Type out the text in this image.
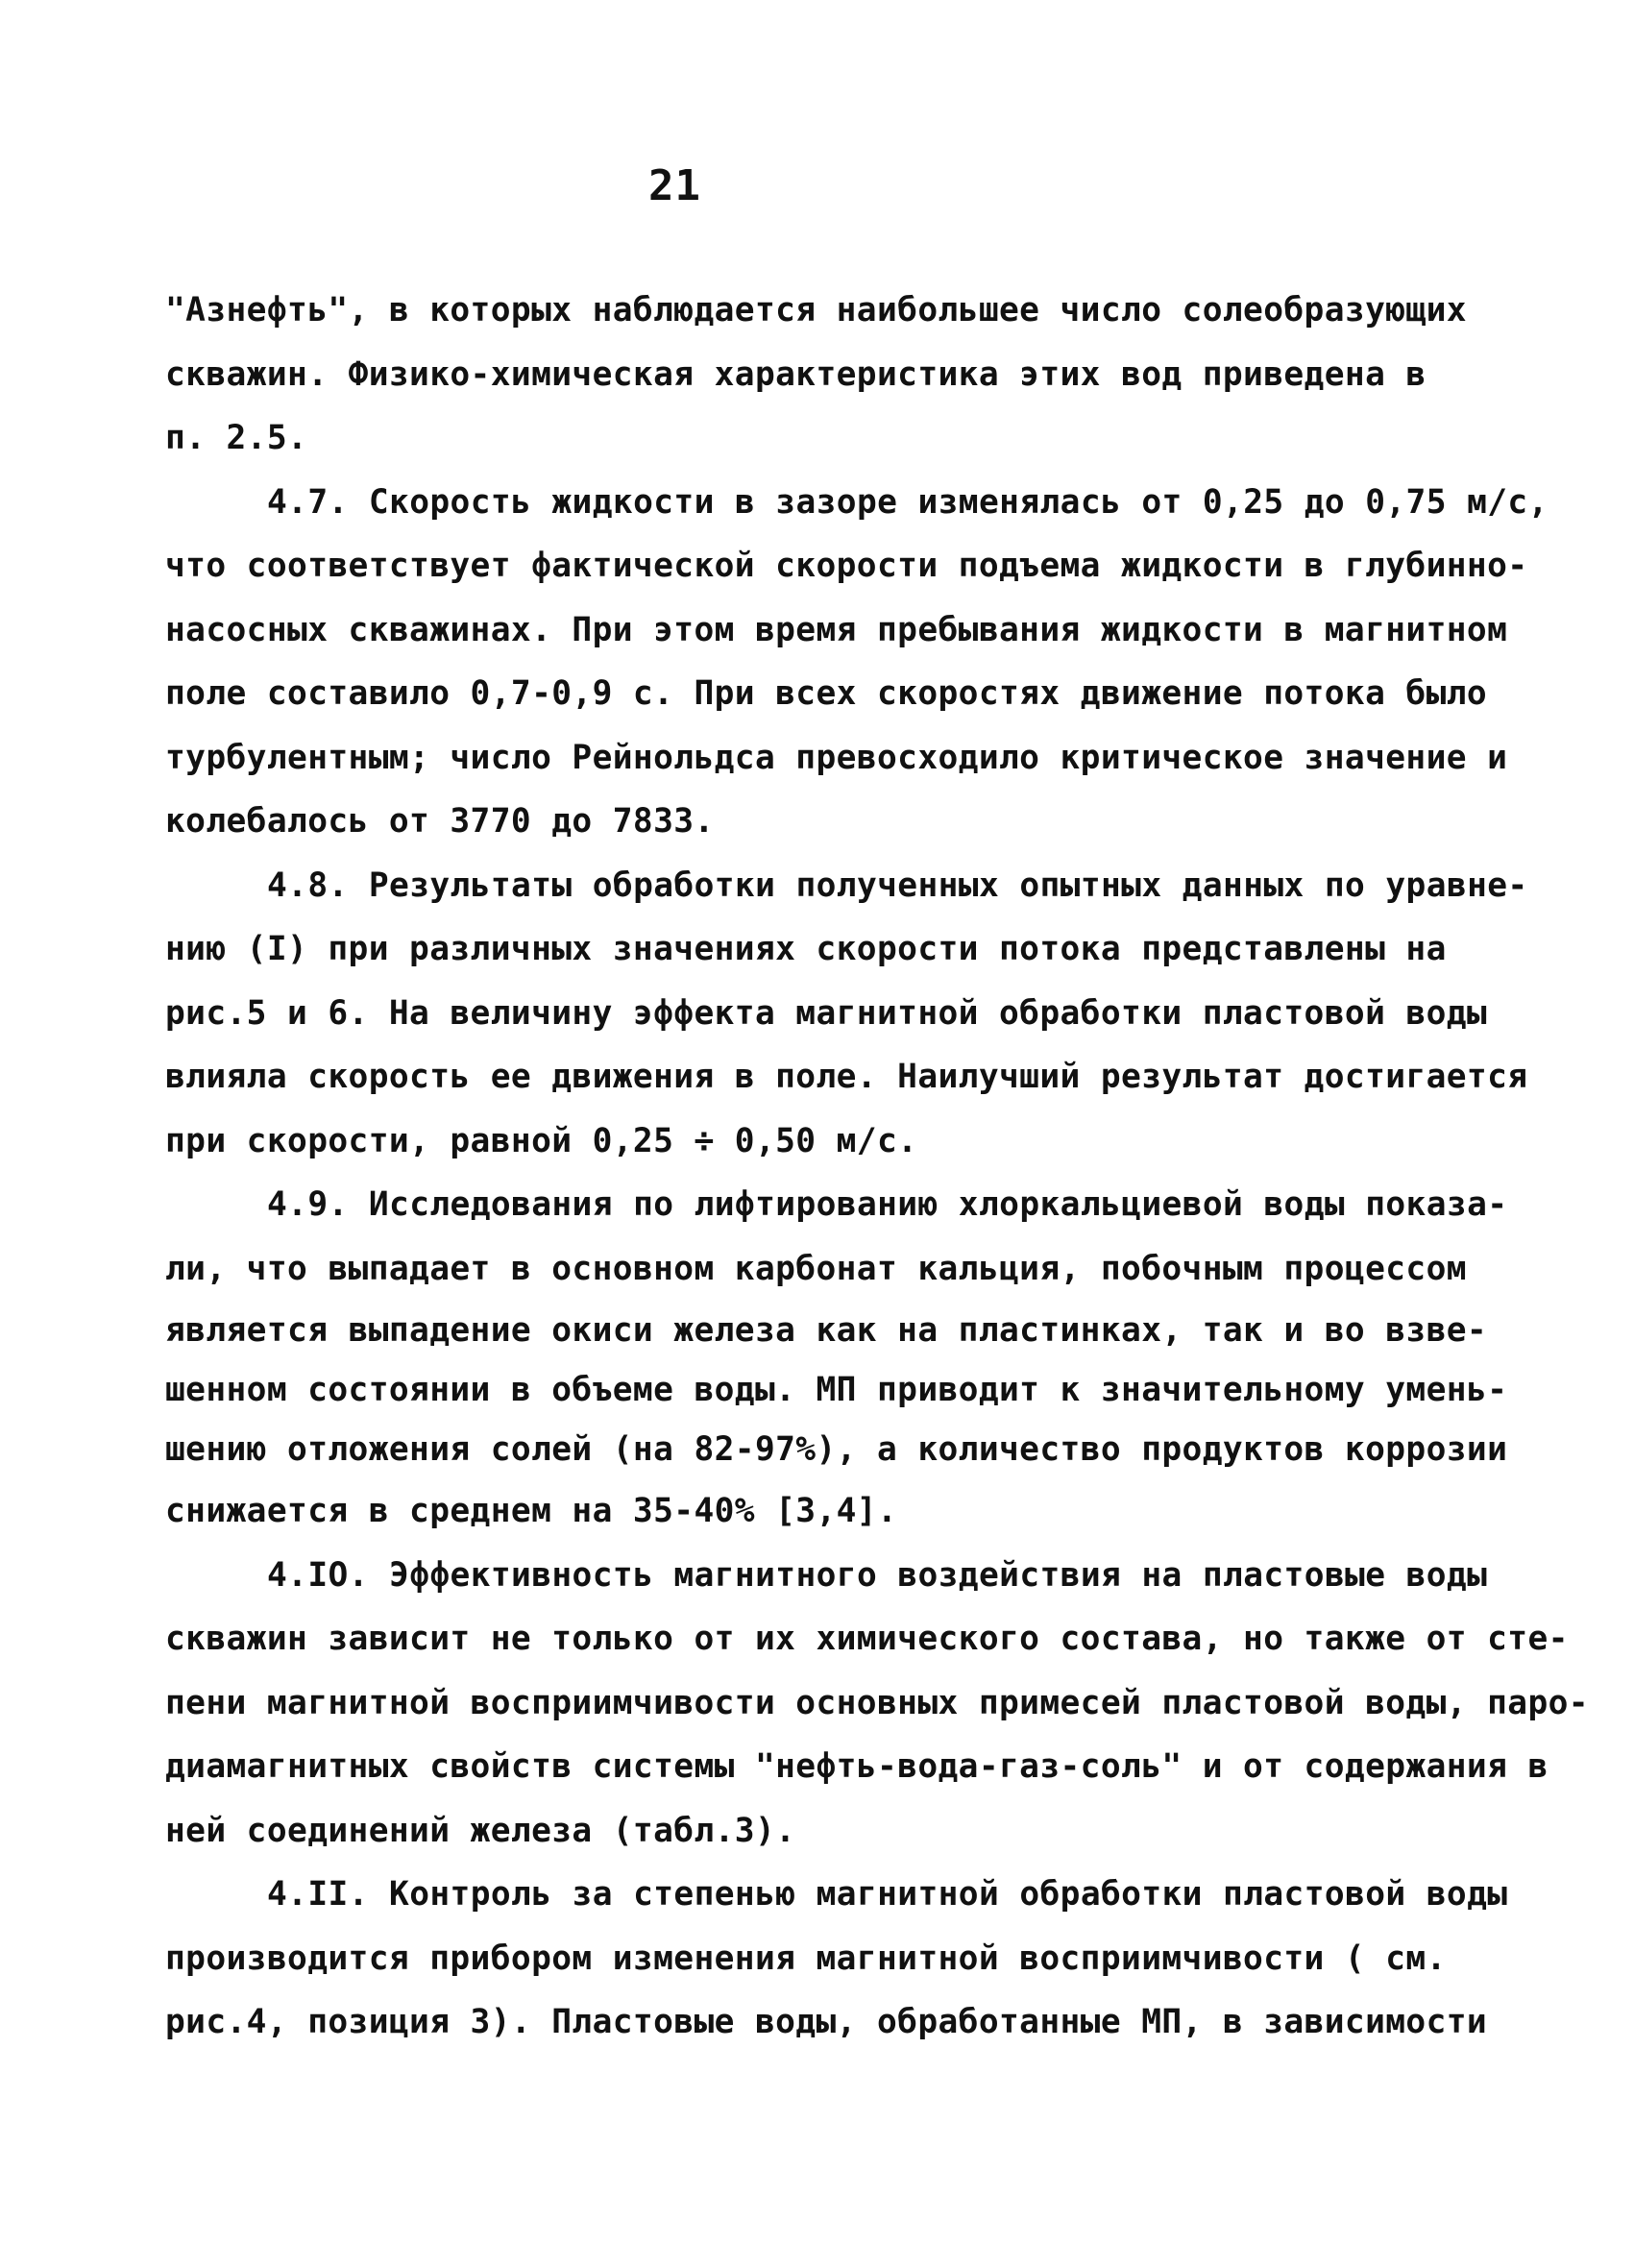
21
"Азнефть", в которых наблюдается наибольшее число солеобразующих
скважин. Физико-химическая характеристика этих вод приведена в
п. 2.5.
4.7. Скорость жидкости в зазоре изменялась от 0,25 до 0,75 м/с,
что соответствует фактической скорости подъема жидкости в глубинно-
насосных скважинах. При этом время пребывания жидкости в магнитном
поле составило 0,7-0,9 с. При всех скоростях движение потока было
турбулентным; число Рейнольдса превосходило критическое значение и
колебалось от 3770 до 7833.
4.8. Результаты обработки полученных опытных данных по уравне-
нию (I) при различных значениях скорости потока представлены на
рис.5 и 6. На величину эффекта магнитной обработки пластовой воды
влияла скорость ее движения в поле. Наилучший результат достигается
при скорости, равной 0,25 ÷ 0,50 м/с.
4.9. Исследования по лифтированию хлоркальциевой воды показа-
ли, что выпадает в основном карбонат кальция, побочным процессом
является выпадение окиси железа как на пластинках, так и во взве-
шенном состоянии в объеме воды. МП приводит к значительному умень-
шению отложения солей (на 82-97%), а количество продуктов коррозии
снижается в среднем на 35-40% [3,4].
4.IO. Эффективность магнитного воздействия на пластовые воды
скважин зависит не только от их химического состава, но также от сте-
пени магнитной восприимчивости основных примесей пластовой воды, паро-
диамагнитных свойств системы "нефть-вода-газ-соль" и от содержания в
ней соединений железа (табл.3).
4.II. Контроль за степенью магнитной обработки пластовой воды
производится прибором изменения магнитной восприимчивости ( см.
рис.4, позиция 3). Пластовые воды, обработанные МП, в зависимости
